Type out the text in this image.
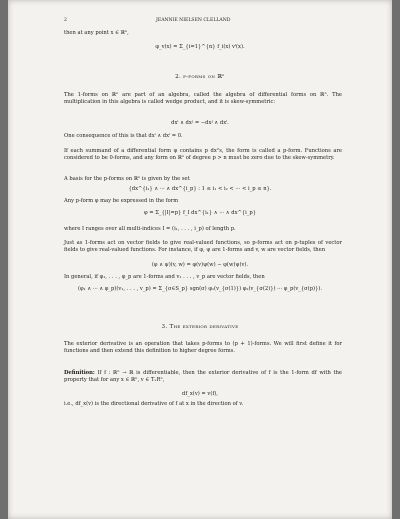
2	JEANNIE NIELSEN CLELLAND
then at any point x ∈ ℝⁿ,
φ_v(x) = Σ_{i=1}^{n} f_i(x) vⁱ(x).
2. p-forms on ℝⁿ
The 1-forms on ℝⁿ are part of an algebra, called the algebra of differential forms on ℝⁿ. The multiplication in this algebra is called wedge product, and it is skew-symmetric:
dxⁱ ∧ dxʲ = −dxʲ ∧ dxⁱ.
One consequence of this is that dxⁱ ∧ dxⁱ = 0.
If each summand of a differential form φ contains p dxⁱ's, the form is called a p-form. Functions are considered to be 0-forms, and any form on ℝⁿ of degree p > n must be zero due to the skew-symmetry.
A basis for the p-forms on ℝⁿ is given by the set
{dx^{i₁} ∧ ··· ∧ dx^{i_p} : 1 ≤ i₁ < i₂ < ··· < i_p ≤ n}.
Any p-form φ may be expressed in the form
φ = Σ_{|I|=p} f_I dx^{i₁} ∧ ··· ∧ dx^{i_p}
where I ranges over all multi-indices I = (i₁, . . . , i_p) of length p.
Just as 1-forms act on vector fields to give real-valued functions, so p-forms act on p-tuples of vector fields to give real-valued functions. For instance, if φ, ψ are 1-forms and v, w are vector fields, then
(φ ∧ ψ)(v, w) = φ(v)ψ(w) − φ(w)ψ(v).
In general, if φ₁, . . . , φ_p are 1-forms and v₁ . . . , v_p are vector fields, then
(φ₁ ∧ ··· ∧ φ_p)(v₁, . . . , v_p) = Σ_{σ∈S_p} sgn(σ) φ₁(v_{σ(1)}) φ₂(v_{σ(2)}) ··· φ_p(v_{σ(p)}).
3. The exterior derivative
The exterior derivative is an operation that takes p-forms to (p + 1)-forms. We will first define it for functions and then extend this definition to higher degree forms.
Definition: If f : ℝⁿ → ℝ is differentiable, then the exterior derivative of f is the 1-form df with the property that for any x ∈ ℝⁿ, v ∈ TₓRⁿ,
df_x(v) = v(f),
i.e., df_x(v) is the directional derivative of f at x in the direction of v.
